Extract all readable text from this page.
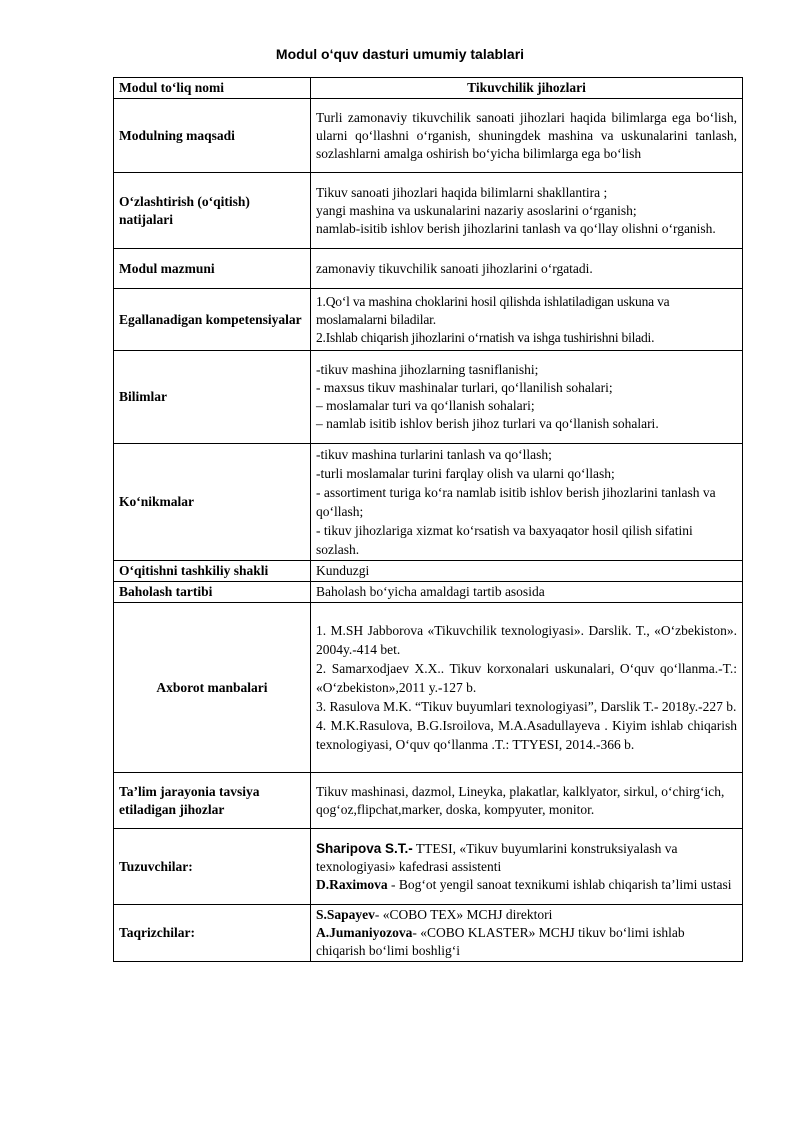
Modul o‘quv dasturi umumiy talablari
Modul to‘liq nomi	Tikuvchilik jihozlari
Modulning maqsadi	Turli zamonaviy tikuvchilik sanoati jihozlari haqida bilimlarga ega bo‘lish, ularni qo‘llashni o‘rganish, shuningdek mashina va uskunalarini tanlash, sozlashlarni amalga oshirish bo‘yicha bilimlarga ega bo‘lish

O‘zlashtirish (o‘qitish) natijalari	Tikuv sanoati jihozlari haqida bilimlarni shakllantira ;

yangi mashina va uskunalarini nazariy asoslarini o‘rganish;

namlab-isitib ishlov berish jihozlarini tanlash va qo‘llay olishni o‘rganish.

Modul mazmuni	zamonaviy tikuvchilik sanoati jihozlarini o‘rgatadi.
Egallanadigan kompetensiyalar	1.Qo‘l va mashina choklarini hosil qilishda ishlatiladigan uskuna va moslamalarni biladilar.

2.Ishlab chiqarish jihozlarini o‘rnatish va ishga tushirishni biladi.

Bilimlar	-tikuv mashina jihozlarning tasniflanishi;

- maxsus tikuv mashinalar turlari, qo‘llanilish sohalari;

– moslamalar turi va qo‘llanish sohalari;

– namlab isitib ishlov berish jihoz turlari va qo‘llanish sohalari.

Ko‘nikmalar	-tikuv mashina turlarini tanlash va qo‘llash;

-turli moslamalar turini farqlay olish va ularni qo‘llash;

- assortiment turiga ko‘ra namlab isitib ishlov berish jihozlarini tanlash va qo‘llash;

- tikuv jihozlariga xizmat ko‘rsatish va baxyaqator hosil qilish sifatini sozlash.

O‘qitishni tashkiliy shakli	Kunduzgi
Baholash tartibi	Baholash bo‘yicha amaldagi tartib asosida
Axborot manbalari	1. M.SH Jabborova «Tikuvchilik texnologiyasi». Darslik. T., «O‘zbekiston». 2004y.-414 bet.

2. Samarxodjaev X.X.. Tikuv korxonalari uskunalari, O‘quv qo‘llanma.-T.: «O‘zbekiston»,2011 y.-127 b.

3. Rasulova M.K. “Tikuv buyumlari texnologiyasi”, Darslik T.- 2018y.-227 b.

4. M.K.Rasulova, B.G.Isroilova, M.A.Asadullayeva . Kiyim ishlab chiqarish texnologiyasi, O‘quv qo‘llanma .T.: TTYESI, 2014.-366 b.

Ta’lim jarayonia tavsiya etiladigan jihozlar	Tikuv mashinasi, dazmol, Lineyka, plakatlar, kalklyator, sirkul, o‘chirg‘ich, qog‘oz,flipchat,marker, doska, kompyuter, monitor.

Tuzuvchilar:	Sharipova S.T.- TTESI, «Tikuv buyumlarini konstruksiyalash va texnologiyasi» kafedrasi assistenti

D.Raximova - Bog‘ot yengil sanoat texnikumi ishlab chiqarish ta’limi ustasi

Taqrizchilar:	S.Sapayev- «COBO TEX» MCHJ direktori

A.Jumaniyozova- «COBO KLASTER» MCHJ tikuv bo‘limi ishlab chiqarish bo‘limi boshlig‘i
